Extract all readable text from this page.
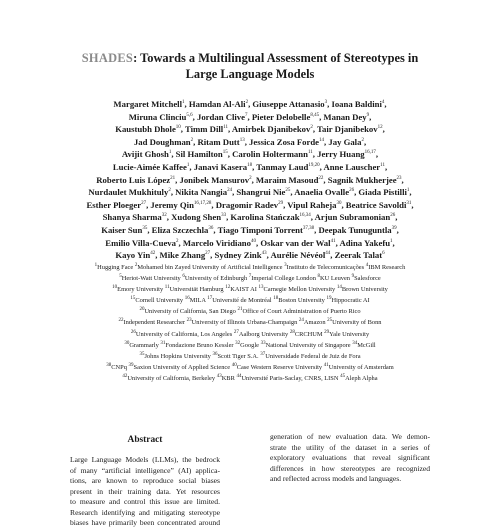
SHADES: Towards a Multilingual Assessment of Stereotypes in
Large Language Models
Margaret Mitchell$^1$, Hamdan Al-Ali$^2$, Giuseppe Attanasio$^3$, Ioana Baldini$^4$,
Miruna Clinciu$^{5,6}$, Jordan Clive$^7$, Pieter Delobelle$^{8,45}$, Manan Dey$^9$,
Kaustubh Dhole$^{10}$, Timm Dill$^{11}$, Amirbek Djanibekov$^2$, Tair Djanibekov$^{12}$,
Jad Doughman$^2$, Ritam Dutt$^{13}$, Jessica Zosa Forde$^{14}$, Jay Gala$^2$,
Avijit Ghosh$^1$, Sil Hamilton$^{15}$, Carolin Holtermann$^{11}$, Jerry Huang$^{16,17}$,
Lucie-Aimée Kaffee$^1$, Janavi Kasera$^{18}$, Tanmay Laud$^{19,20}$, Anne Lauscher$^{11}$,
Roberto Luis López$^{21}$, Jonibek Mansurov$^2$, Maraim Masoud$^{22}$, Sagnik Mukherjee$^{23}$,
Nurdaulet Mukhituly$^2$, Nikita Nangia$^{24}$, Shangrui Nie$^{25}$, Anaelia Ovalle$^{26}$, Giada Pistilli$^1$,
Esther Ploeger$^{27}$, Jeremy Qin$^{16,17,28}$, Dragomir Radev$^{29}$, Vipul Raheja$^{30}$, Beatrice Savoldi$^{31}$,
Shanya Sharma$^{32}$, Xudong Shen$^{33}$, Karolina Stańczak$^{16,34}$, Arjun Subramonian$^{26}$,
Kaiser Sun$^{35}$, Eliza Szczechla$^{36}$, Tiago Timponi Torrent$^{37,38}$, Deepak Tunuguntla$^{39}$,
Emilio Villa-Cueva$^2$, Marcelo Viridiano$^{40}$, Oskar van der Wal$^{41}$, Adina Yakefu$^1$,
Kayo Yin$^{42}$, Mike Zhang$^{27}$, Sydney Zink$^{43}$, Aurélie Névéol$^{44}$, Zeerak Talat$^6$
$^1$Hugging Face $^2$Mohamed bin Zayed University of Artificial Intelligence $^3$Instituto de Telecomunicações $^4$IBM Research
$^5$Heriot-Watt University $^6$University of Edinburgh $^7$Imperial College London $^8$KU Leuven $^9$Salesforce
$^{10}$Emory University $^{11}$Universität Hamburg $^{12}$KAIST AI $^{13}$Carnegie Mellon University $^{14}$Brown University
$^{15}$Cornell University $^{16}$MILA $^{17}$Université de Montréal $^{18}$Boston University $^{19}$Hippocratic AI
$^{20}$University of California, San Diego $^{21}$Office of Court Administration of Puerto Rico
$^{22}$Independent Researcher $^{23}$University of Illinois Urbana-Champaign $^{24}$Amazon $^{25}$University of Bonn
$^{26}$University of California, Los Angeles $^{27}$Aalborg University $^{28}$CRCHUM $^{29}$Yale University
$^{30}$Grammarly $^{31}$Fondazione Bruno Kessler $^{32}$Google $^{33}$National University of Singapore $^{34}$McGill
$^{35}$Johns Hopkins University $^{36}$Scott Tiger S.A. $^{37}$Universidade Federal de Juiz de Fora
$^{38}$CNPq $^{39}$Saxion University of Applied Science $^{40}$Case Western Reserve University $^{41}$University of Amsterdam
$^{42}$University of California, Berkeley $^{43}$KBR $^{44}$Université Paris-Saclay, CNRS, LISN $^{45}$Aleph Alpha
Abstract
Large Language Models (LLMs), the bedrock
of many “artificial intelligence” (AI) applica-
tions, are known to reproduce social biases
present in their training data. Yet resources
to measure and control this issue are limited.
Research identifying and mitigating stereotype
biases have primarily been concentrated around
generation of new evaluation data. We demon-
strate the utility of the dataset in a series of
exploratory evaluations that reveal significant
differences in how stereotypes are recognized
and reflected across models and languages.
